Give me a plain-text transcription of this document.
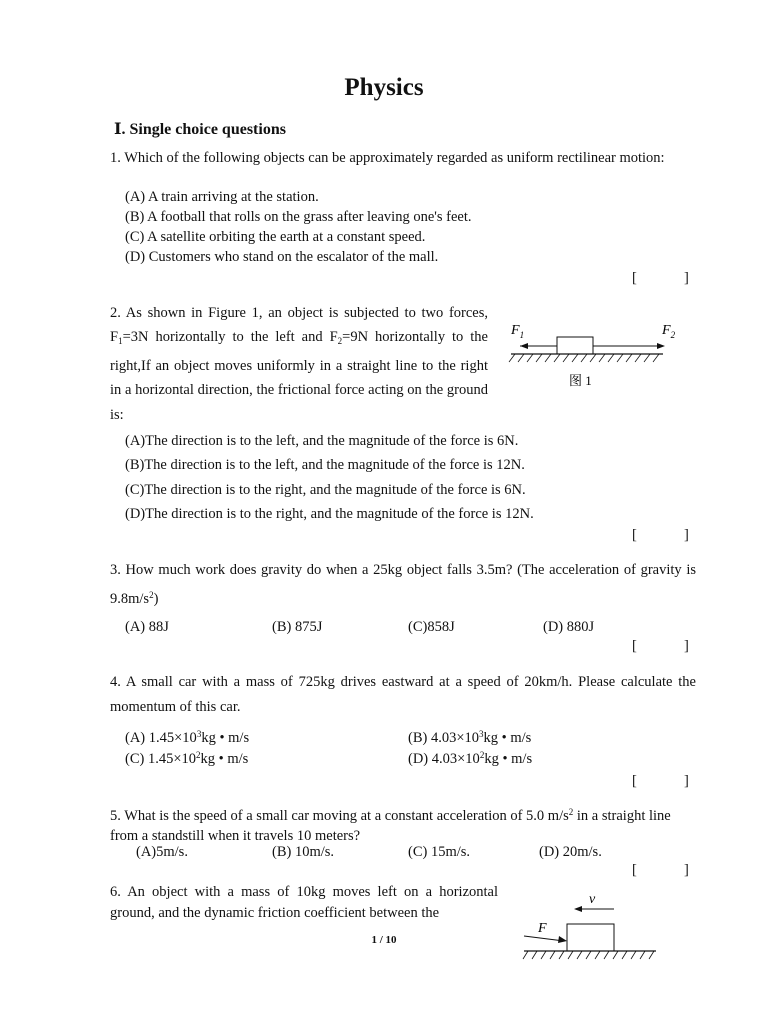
Physics
Ⅰ. Single choice questions
1. Which of the following objects can be approximately regarded as uniform rectilinear motion:
(A) A train arriving at the station.
(B) A football that rolls on the grass after leaving one's feet.
(C) A satellite orbiting the earth at a constant speed.
(D) Customers who stand on the escalator of the mall.
[	]
2. As shown in Figure 1, an object is subjected to two forces, $F_1=3N$ horizontally to the left and $F_2=9N$ horizontally to the right,If an object moves uniformly in a straight line to the right in a horizontal direction, the frictional force acting on the ground is:
$F_1$	$F_2$
图 1
(A)The direction is to the left, and the magnitude of the force is 6N.
(B)The direction is to the left, and the magnitude of the force is 12N.
(C)The direction is to the right, and the magnitude of the force is 6N.
(D)The direction is to the right, and the magnitude of the force is 12N.
[	]
3. How much work does gravity do when a 25kg object falls 3.5m? (The acceleration of gravity is $9.8m/s^2$)
(A) 88J	(B) 875J	(C)858J	(D) 880J
[	]
4. A small car with a mass of 725kg drives eastward at a speed of 20km/h. Please calculate the momentum of this car.
(A) $1.45\times 10^3kg$ • m/s	(B) $4.03\times 10^3kg$ • m/s
(C) $1.45\times 10^2kg$ • m/s	(D) $4.03\times 10^2kg$ • m/s
[	]
5. What is the speed of a small car moving at a constant acceleration of 5.0 $m/s^2$ in a straight line from a standstill when it travels 10 meters?
(A)5m/s.	(B) 10m/s.	(C) 15m/s.	(D) 20m/s.
[	]
6. An object with a mass of 10kg moves left on a horizontal ground, and the dynamic friction coefficient between the
v
F
1 / 10
